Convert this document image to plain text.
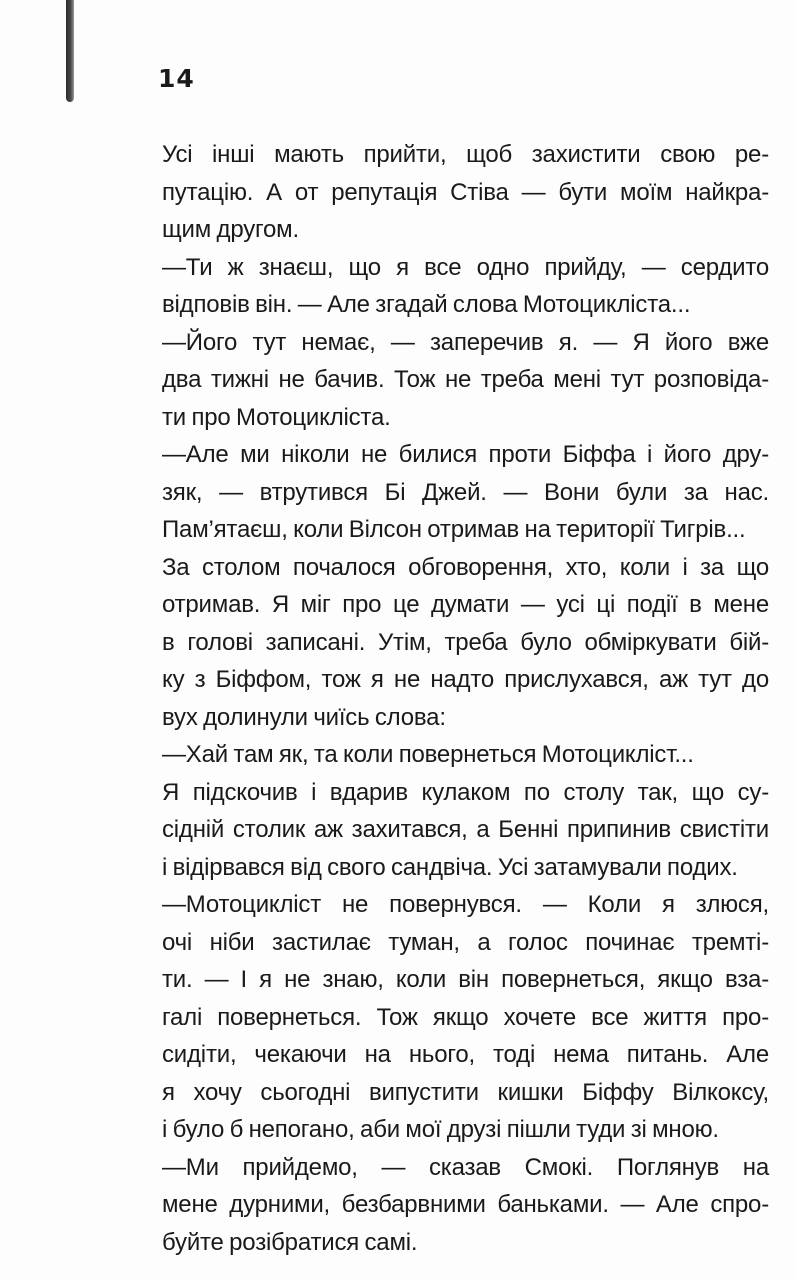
14
Усі інші мають прийти, щоб захистити свою ре-
путацію. А от репутація Стіва — бути моїм найкра-
щим другом.
—Ти ж знаєш, що я все одно прийду, — сердито
відповів він. — Але згадай слова Мотоцикліста...
—Його тут немає, — заперечив я. — Я його вже
два тижні не бачив. Тож не треба мені тут розповіда-
ти про Мотоцикліста.
—Але ми ніколи не билися проти Біффа і його дру-
зяк, — втрутився Бі Джей. — Вони були за нас.
Пам’ятаєш, коли Вілсон отримав на території Тигрів...
За столом почалося обговорення, хто, коли і за що
отримав. Я міг про це думати — усі ці події в мене
в голові записані. Утім, треба було обміркувати бій-
ку з Біффом, тож я не надто прислухався, аж тут до
вух долинули чиїсь слова:
—Хай там як, та коли повернеться Мотоцикліст...
Я підскочив і вдарив кулаком по столу так, що су-
сідній столик аж захитався, а Бенні припинив свистіти
і відірвався від свого сандвіча. Усі затамували подих.
—Мотоцикліст не повернувся. — Коли я злюся,
очі ніби застилає туман, а голос починає тремті-
ти. — І я не знаю, коли він повернеться, якщо вза-
галі повернеться. Тож якщо хочете все життя про-
сидіти, чекаючи на нього, тоді нема питань. Але
я хочу сьогодні випустити кишки Біффу Вілкоксу,
і було б непогано, аби мої друзі пішли туди зі мною.
—Ми прийдемо, — сказав Смокі. Поглянув на
мене дурними, безбарвними баньками. — Але спро-
буйте розібратися самі.
